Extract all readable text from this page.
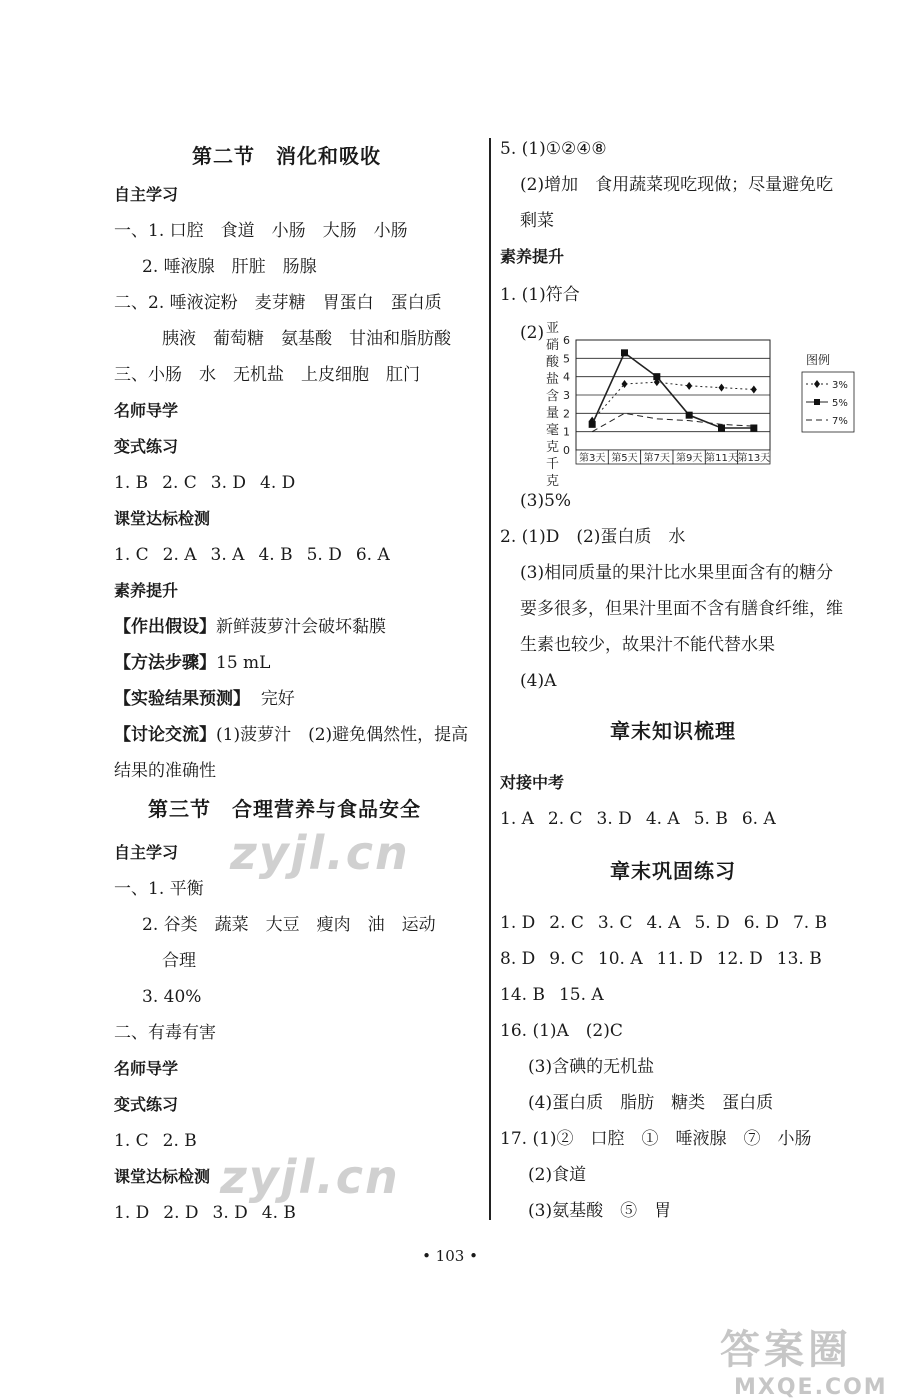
第二节　消化和吸收
自主学习
一、1. 口腔　食道　小肠　大肠　小肠
2. 唾液腺　肝脏　肠腺
二、2. 唾液淀粉　麦芽糖　胃蛋白　蛋白质
胰液　葡萄糖　氨基酸　甘油和脂肪酸
三、小肠　水　无机盐　上皮细胞　肛门
名师导学
变式练习
1. B 2. C 3. D 4. D
课堂达标检测
1. C 2. A 3. A 4. B 5. D 6. A
素养提升
【作出假设】新鲜菠萝汁会破坏黏膜
【方法步骤】15 mL
【实验结果预测】 完好
【讨论交流】(1)菠萝汁　(2)避免偶然性，提高
结果的准确性
第三节　合理营养与食品安全
自主学习
一、1. 平衡
2. 谷类　蔬菜　大豆　瘦肉　油　运动
合理
3. 40%
二、有毒有害
名师导学
变式练习
1. C 2. B
课堂达标检测
1. D 2. D 3. D 4. B
5. (1)①②④⑧
(2)增加　食用蔬菜现吃现做；尽量避免吃
剩菜
素养提升
1. (1)符合
(2) 亚
硝
酸
盐
含
量
毫
克
千
克
0
1
2
3
4
5
6
第3天 第5天 第7天 第9天 第11天 第13天
图例
3%
5%
7%
(3)5%
2. (1)D　(2)蛋白质　水
(3)相同质量的果汁比水果里面含有的糖分
要多很多，但果汁里面不含有膳食纤维，维
生素也较少，故果汁不能代替水果
(4)A
章末知识梳理
对接中考
1. A 2. C 3. D 4. A 5. B 6. A
章末巩固练习
1. D 2. C 3. C 4. A 5. D 6. D 7. B
8. D 9. C 10. A 11. D 12. D 13. B
14. B 15. A
16. (1)A　(2)C
(3)含碘的无机盐
(4)蛋白质　脂肪　糖类　蛋白质
17. (1)②　口腔　①　唾液腺　⑦　小肠
(2)食道
(3)氨基酸　⑤　胃
• 103 •
zyjl.cn
zyjl.cn
答案圈
MXQE.COM
